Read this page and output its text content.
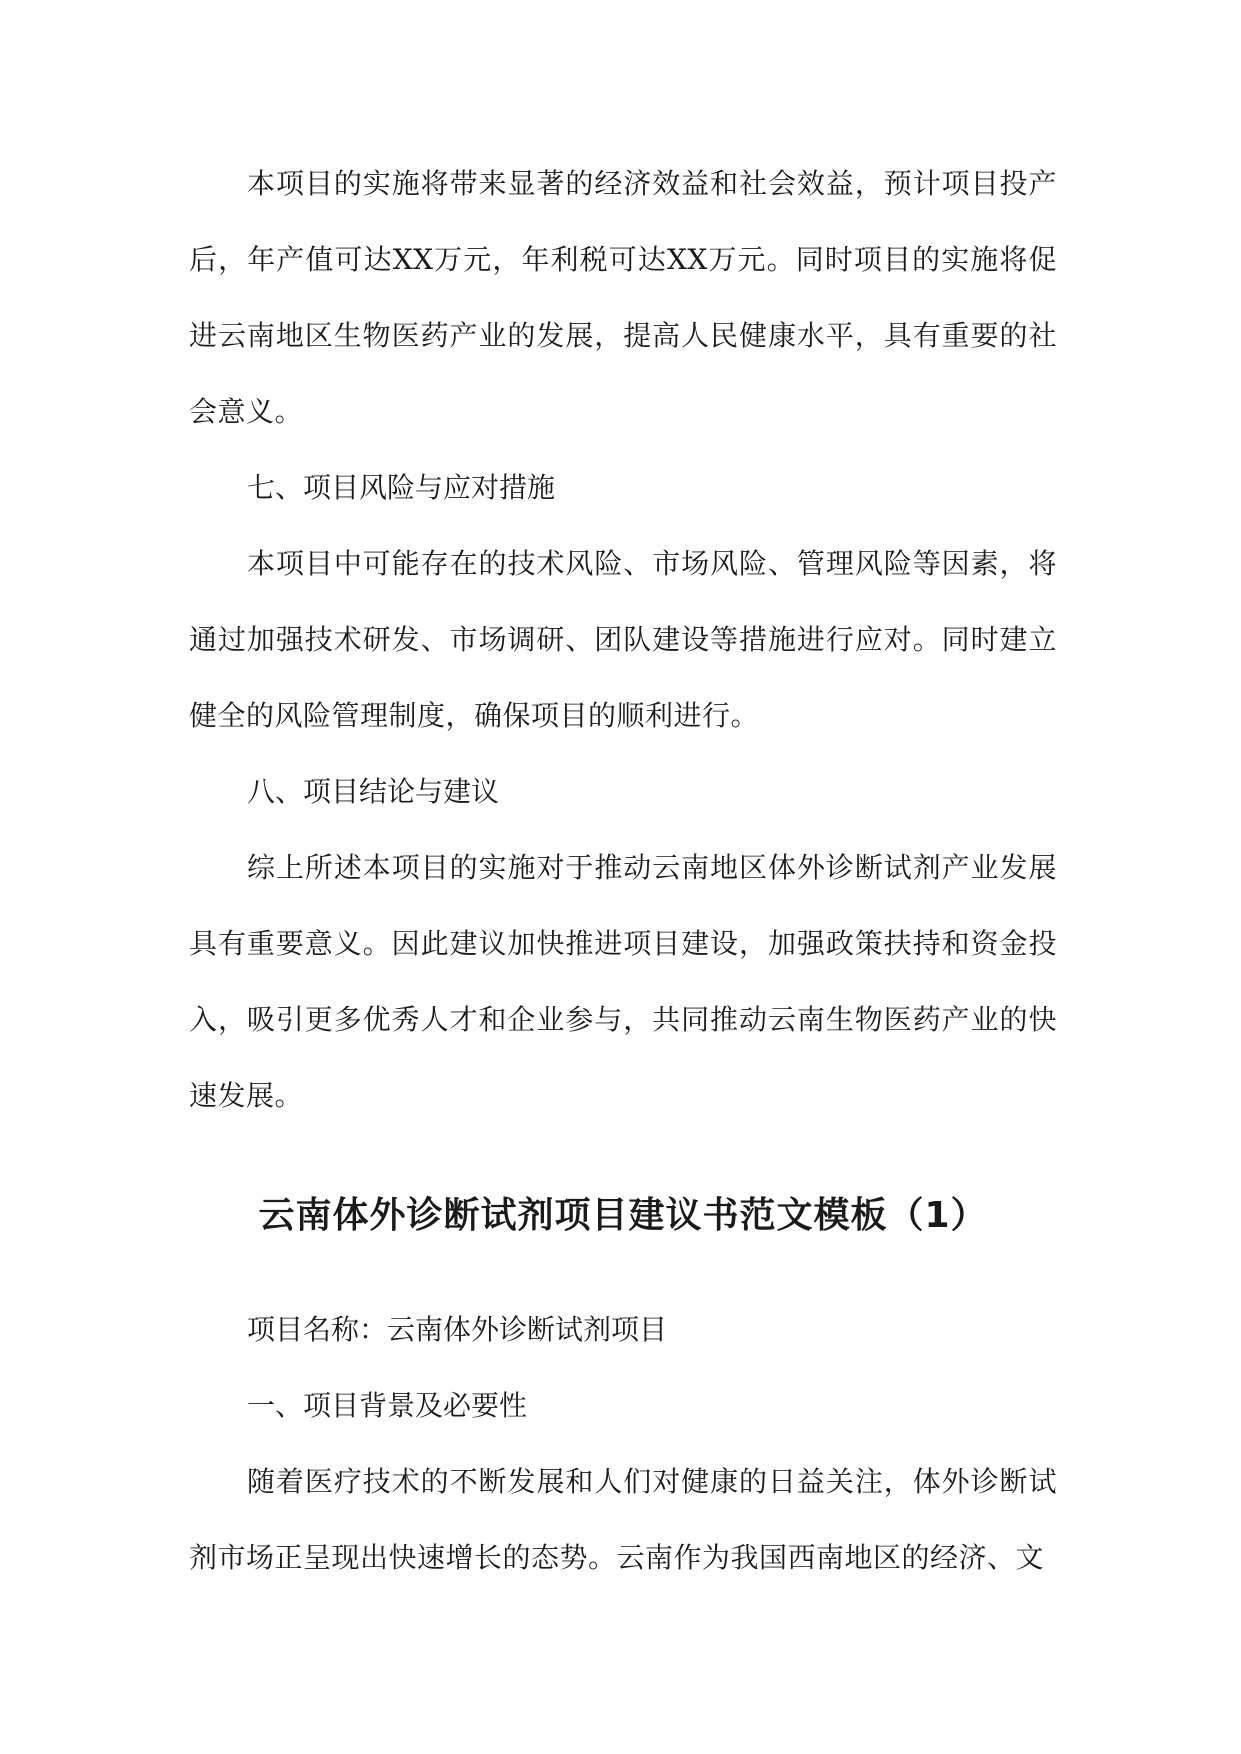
本项目的实施将带来显著的经济效益和社会效益，预计项目投产后，年产值可达XX万元，年利税可达XX万元。同时项目的实施将促进云南地区生物医药产业的发展，提高人民健康水平，具有重要的社会意义。

七、项目风险与应对措施

本项目中可能存在的技术风险、市场风险、管理风险等因素，将通过加强技术研发、市场调研、团队建设等措施进行应对。同时建立健全的风险管理制度，确保项目的顺利进行。

八、项目结论与建议

综上所述本项目的实施对于推动云南地区体外诊断试剂产业发展具有重要意义。因此建议加快推进项目建设，加强政策扶持和资金投入，吸引更多优秀人才和企业参与，共同推动云南生物医药产业的快速发展。

云南体外诊断试剂项目建议书范文模板（1）

项目名称：云南体外诊断试剂项目

一、项目背景及必要性

随着医疗技术的不断发展和人们对健康的日益关注，体外诊断试剂市场正呈现出快速增长的态势。云南作为我国西南地区的经济、文
